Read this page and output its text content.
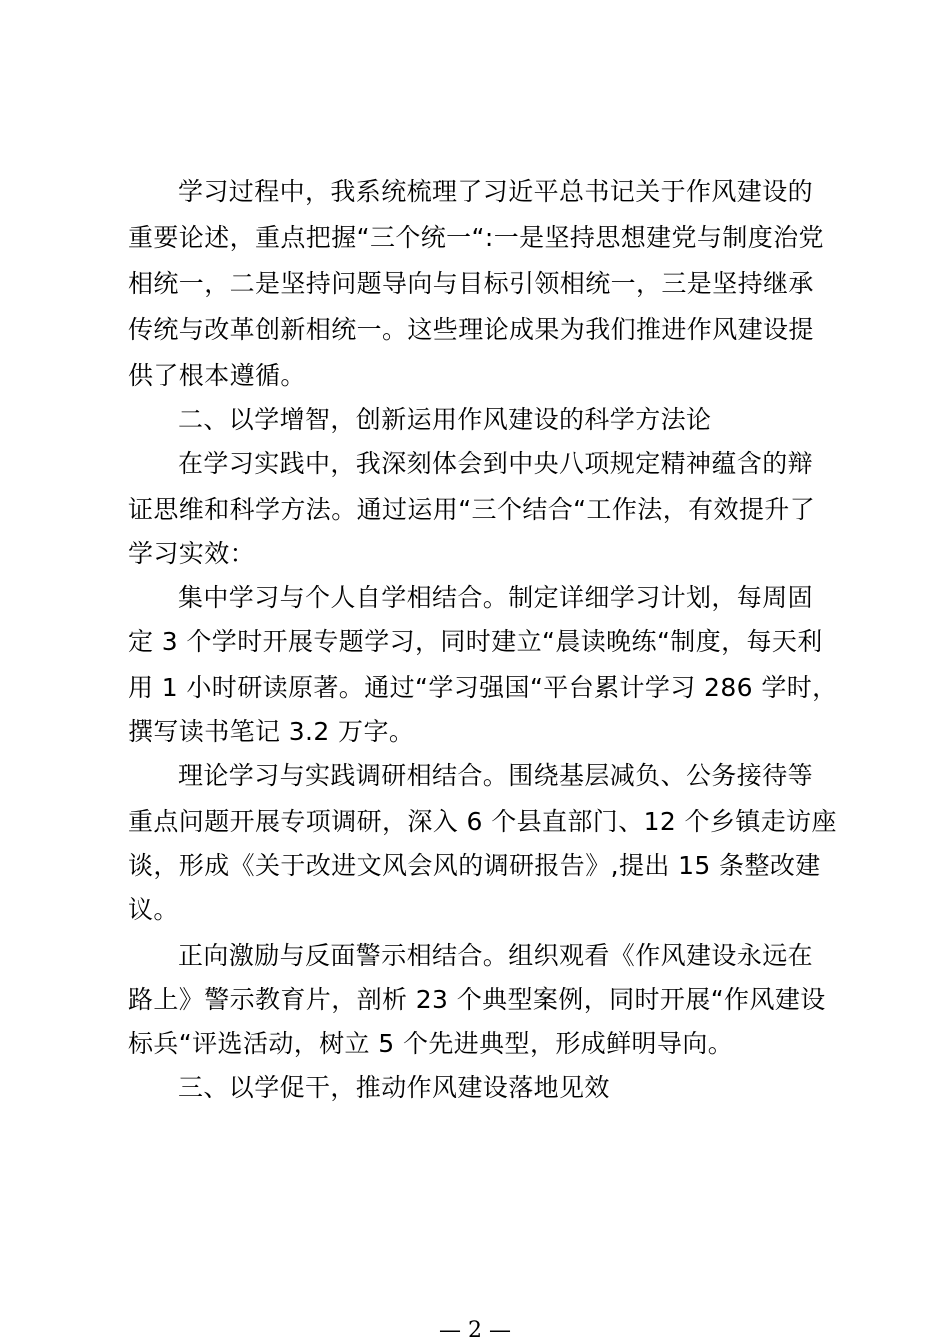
学习过程中，我系统梳理了习近平总书记关于作风建设的
重要论述，重点把握“三个统一“:一是坚持思想建党与制度治党
相统一，二是坚持问题导向与目标引领相统一，三是坚持继承
传统与改革创新相统一。这些理论成果为我们推进作风建设提
供了根本遵循。
二、以学增智，创新运用作风建设的科学方法论
在学习实践中，我深刻体会到中央八项规定精神蕴含的辩
证思维和科学方法。通过运用“三个结合“工作法，有效提升了
学习实效：
集中学习与个人自学相结合。制定详细学习计划，每周固
定 3 个学时开展专题学习，同时建立“晨读晚练“制度，每天利
用 1 小时研读原著。通过“学习强国“平台累计学习 286 学时，
撰写读书笔记 3.2 万字。
理论学习与实践调研相结合。围绕基层减负、公务接待等
重点问题开展专项调研，深入 6 个县直部门、12 个乡镇走访座
谈，形成《关于改进文风会风的调研报告》,提出 15 条整改建
议。
正向激励与反面警示相结合。组织观看《作风建设永远在
路上》警示教育片，剖析 23 个典型案例，同时开展“作风建设
标兵“评选活动，树立 5 个先进典型，形成鲜明导向。
三、以学促干，推动作风建设落地见效
— 2 —
